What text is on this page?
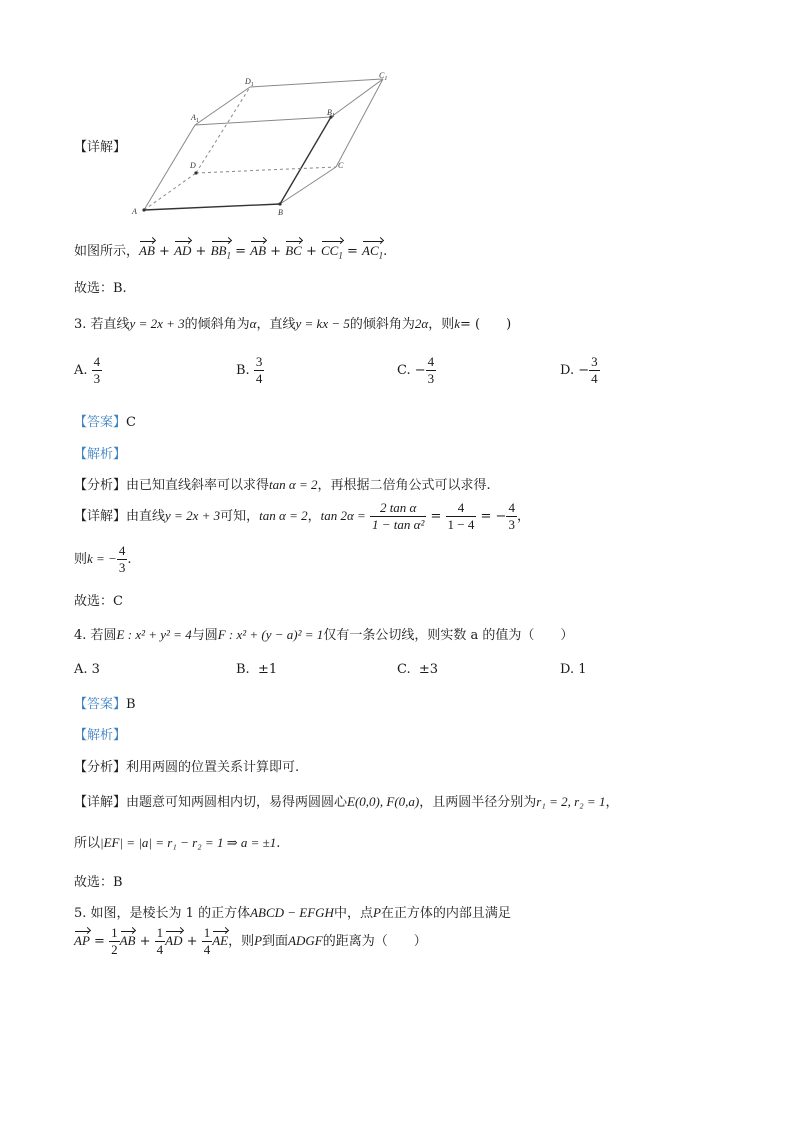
A	B
C
D
$A_1$
$B_1$
$C_1$
$D_1$
【详解】
如图所示，AB + AD + $BB_1$ = AB + BC + $CC_1 = AC_1$.
故选：B.
3. 若直线y = 2x + 3的倾斜角为α，直线y = kx − 5的倾斜角为2α，则k= (　　)
A. $\frac{4}{3}$	B. $\frac{3}{4}$	C. − $\frac{4}{3}$	D. − $\frac{3}{4}$
【答案】C
【解析】
【分析】由已知直线斜率可以求得tan α = 2，再根据二倍角公式可以求得.
【详解】由直线y = 2x + 3可知，tan α = 2，$\tan 2\alpha = \frac{\text{2 tan α}}{\text{1 − tan α²}} = \frac{4}{1 - 4}$ = − $\frac{4}{3}$ ，
则k = − $\frac{4}{3}$ .
故选：C
4. 若圆E : x² + y² = 4与圆F : x² + (y − a)² = 1仅有一条公切线，则实数 a 的值为（　　）
A. 3	B. ±1	C. ±3	D. 1
【答案】B
【解析】
【分析】利用两圆的位置关系计算即可.
【详解】由题意可知两圆相内切，易得两圆圆心E(0,0), F(0,a)，且两圆半径分别为r₁ = 2, r₂ = 1，
所以|EF| = |a| = r₁ − r₂ = 1 ⇒ a = ±1.
故选：B
5. 如图，是棱长为 1 的正方体ABCD − EFGH中，点P在正方体的内部且满足
AP = $\frac{1}{2}$ AB + $\frac{1}{4}$ AD + $\frac{1}{4}$ AE，则P到面ADGF的距离为（　　）
